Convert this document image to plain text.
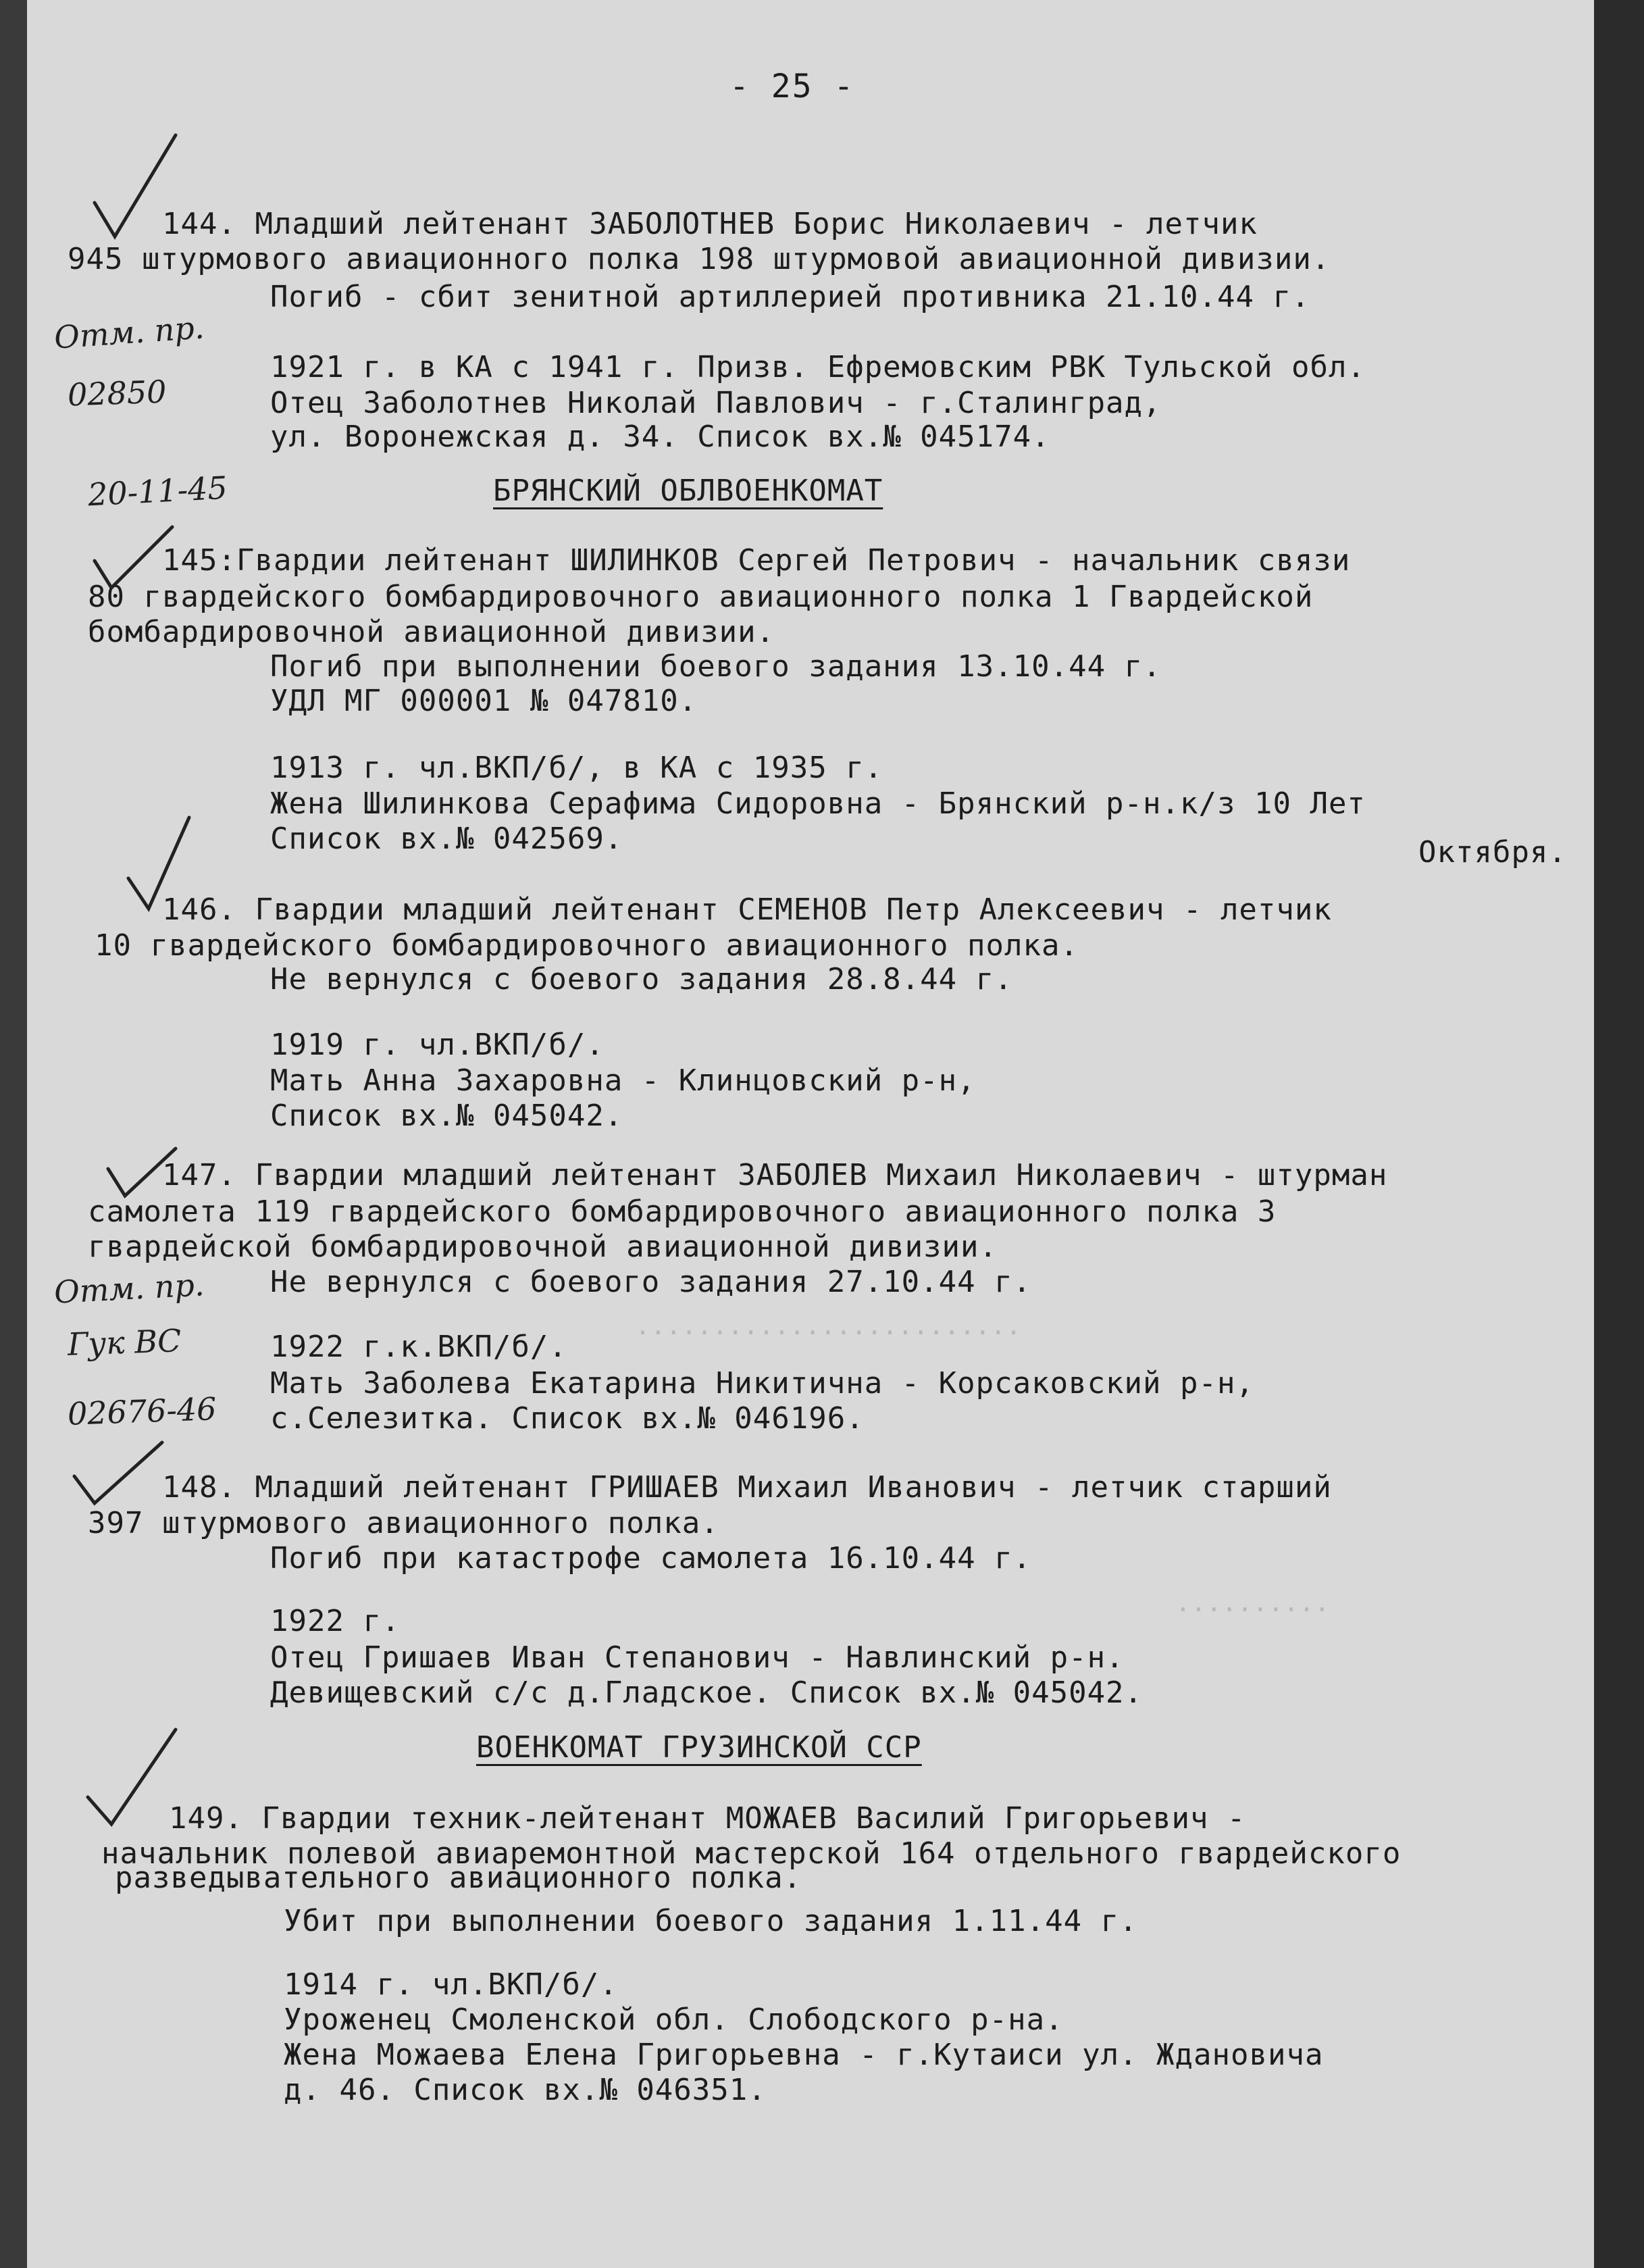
- 25 -
144. Младший лейтенант ЗАБОЛОТНЕВ Борис Николаевич - летчик
945 штурмового авиационного полка 198 штурмовой авиационной дивизии.
Погиб - сбит зенитной артиллерией противника 21.10.44 г.
1921 г. в КА с 1941 г. Призв. Ефремовским РВК Тульской обл.
Отец Заболотнев Николай Павлович - г.Сталинград,
ул. Воронежская д. 34. Список вх.№ 045174.
БРЯНСКИЙ ОБЛВОЕНКОМАТ
145:Гвардии лейтенант ШИЛИНКОВ Сергей Петрович - начальник связи
80 гвардейского бомбардировочного авиационного полка 1 Гвардейской
бомбардировочной авиационной дивизии.
Погиб при выполнении боевого задания 13.10.44 г.
УДЛ МГ 000001 № 047810.
1913 г. чл.ВКП/б/, в КА с 1935 г.
Жена Шилинкова Серафима Сидоровна - Брянский р-н.к/з 10 Лет
Список вх.№ 042569.	Октября.
146. Гвардии младший лейтенант СЕМЕНОВ Петр Алексеевич - летчик
10 гвардейского бомбардировочного авиационного полка.
Не вернулся с боевого задания 28.8.44 г.
1919 г. чл.ВКП/б/.
Мать Анна Захаровна - Клинцовский р-н,
Список вх.№ 045042.
147. Гвардии младший лейтенант ЗАБОЛЕВ Михаил Николаевич - штурман
самолета 119 гвардейского бомбардировочного авиационного полка 3
гвардейской бомбардировочной авиационной дивизии.
Не вернулся с боевого задания 27.10.44 г.
1922 г.к.ВКП/б/.
Мать Заболева Екатарина Никитична - Корсаковский р-н,
с.Селезитка. Список вх.№ 046196.
148. Младший лейтенант ГРИШАЕВ Михаил Иванович - летчик старший
397 штурмового авиационного полка.
Погиб при катастрофе самолета 16.10.44 г.
1922 г.
Отец Гришаев Иван Степанович - Навлинский р-н.
Девищевский с/с д.Гладское. Список вх.№ 045042.
ВОЕНКОМАТ ГРУЗИНСКОЙ ССР
149. Гвардии техник-лейтенант МОЖАЕВ Василий Григорьевич -
начальник полевой авиаремонтной мастерской 164 отдельного гвардейского
разведывательного авиационного полка.
Убит при выполнении боевого задания 1.11.44 г.
1914 г. чл.ВКП/б/.
Уроженец Смоленской обл. Слободского р-на.
Жена Можаева Елена Григорьевна - г.Кутаиси ул. Ждановича
д. 46. Список вх.№ 046351.
Отм. пр.
02850
20-11-45
Отм. пр.
Гук ВС
02676-46
.........................
..........
